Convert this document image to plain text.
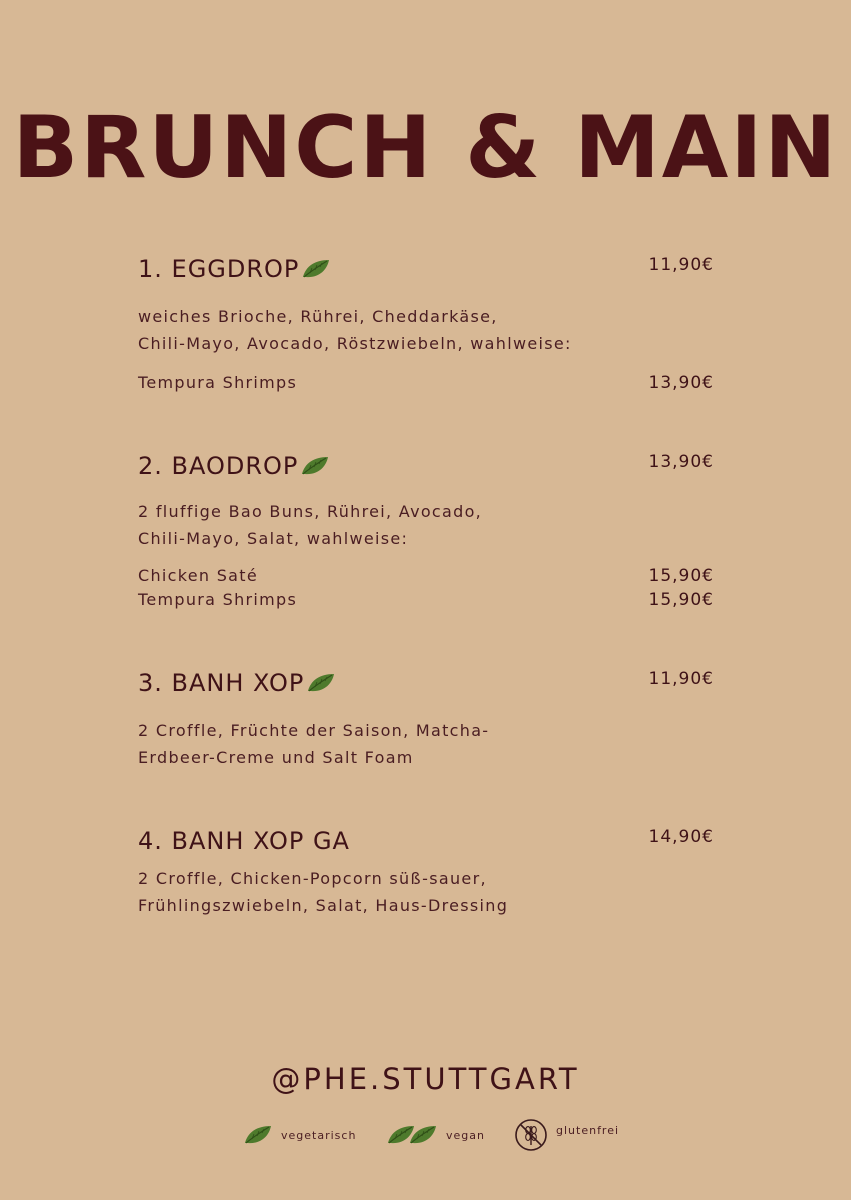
BRUNCH & MAIN
1. EGGDROP	11,90€

weiches Brioche, Rührei, Cheddarkäse,
Chili-Mayo, Avocado, Röstzwiebeln, wahlweise:

Tempura Shrimps	13,90€
2. BAODROP	13,90€

2 fluffige Bao Buns, Rührei, Avocado,
Chili-Mayo, Salat, wahlweise:

Chicken Saté	15,90€
Tempura Shrimps	15,90€
3. BANH XOP	11,90€

2 Croffle, Früchte der Saison, Matcha-
Erdbeer-Creme und Salt Foam

4. BANH XOP GA	14,90€

2 Croffle, Chicken-Popcorn süß-sauer,
Frühlingszwiebeln, Salat, Haus-Dressing

@PHE.STUTTGART
vegetarisch	vegan	glutenfrei
